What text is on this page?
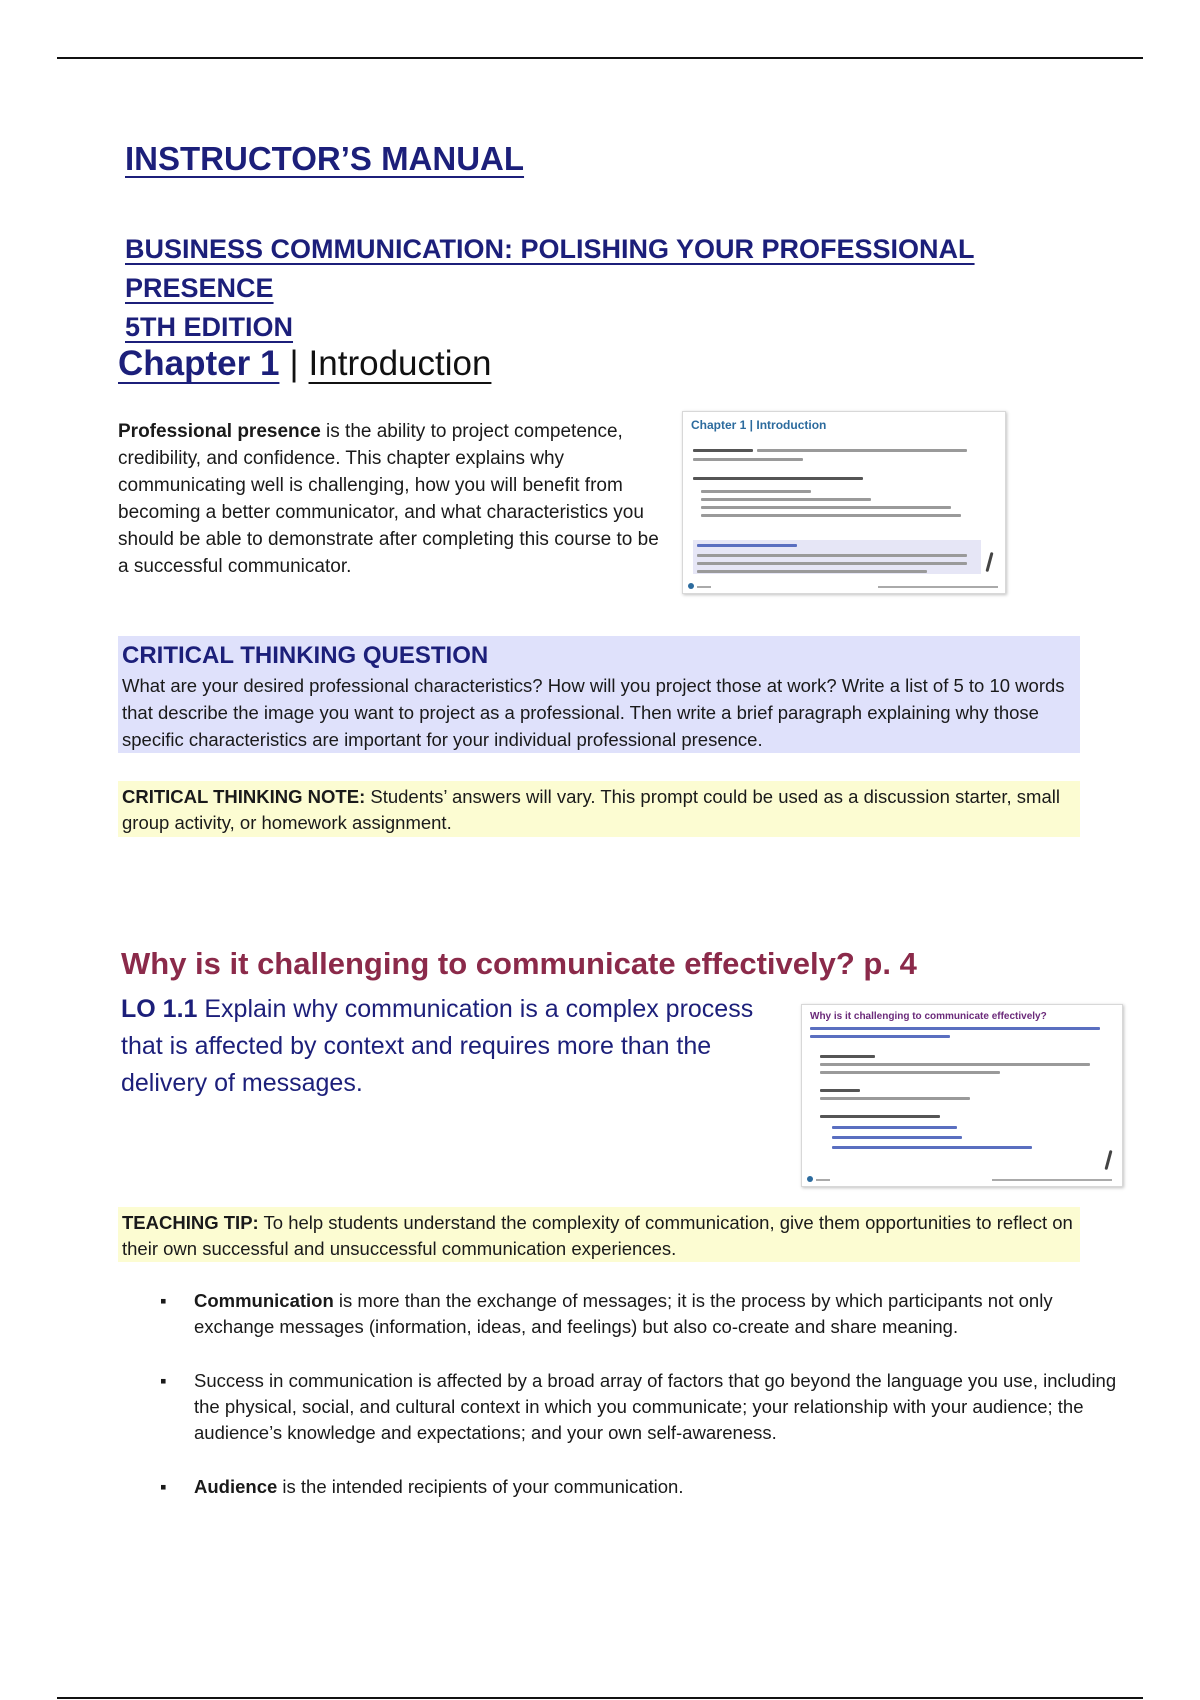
INSTRUCTOR’S MANUAL
BUSINESS COMMUNICATION: POLISHING YOUR PROFESSIONAL PRESENCE
5TH EDITION
Chapter 1 | Introduction

Professional presence is the ability to project competence, credibility, and confidence. This chapter explains why communicating well is challenging, how you will benefit from becoming a better communicator, and what characteristics you should be able to demonstrate after completing this course to be a successful communicator.

Chapter 1 | Introduction

CRITICAL THINKING QUESTION

What are your desired professional characteristics? How will you project those at work? Write a list of 5 to 10 words that describe the image you want to project as a professional. Then write a brief paragraph explaining why those specific characteristics are important for your individual professional presence.

CRITICAL THINKING NOTE: Students’ answers will vary. This prompt could be used as a discussion starter, small group activity, or homework assignment.
Why is it challenging to communicate effectively? p. 4

LO 1.1 Explain why communication is a complex process that is affected by context and requires more than the delivery of messages.

Why is it challenging to communicate effectively?
TEACHING TIP: To help students understand the complexity of communication, give them opportunities to reflect on their own successful and unsuccessful communication experiences.
▪ Communication is more than the exchange of messages; it is the process by which participants not only exchange messages (information, ideas, and feelings) but also co-create and share meaning.
▪ Success in communication is affected by a broad array of factors that go beyond the language you use, including the physical, social, and cultural context in which you communicate; your relationship with your audience; the audience’s knowledge and expectations; and your own self-awareness.
▪ Audience is the intended recipients of your communication.
